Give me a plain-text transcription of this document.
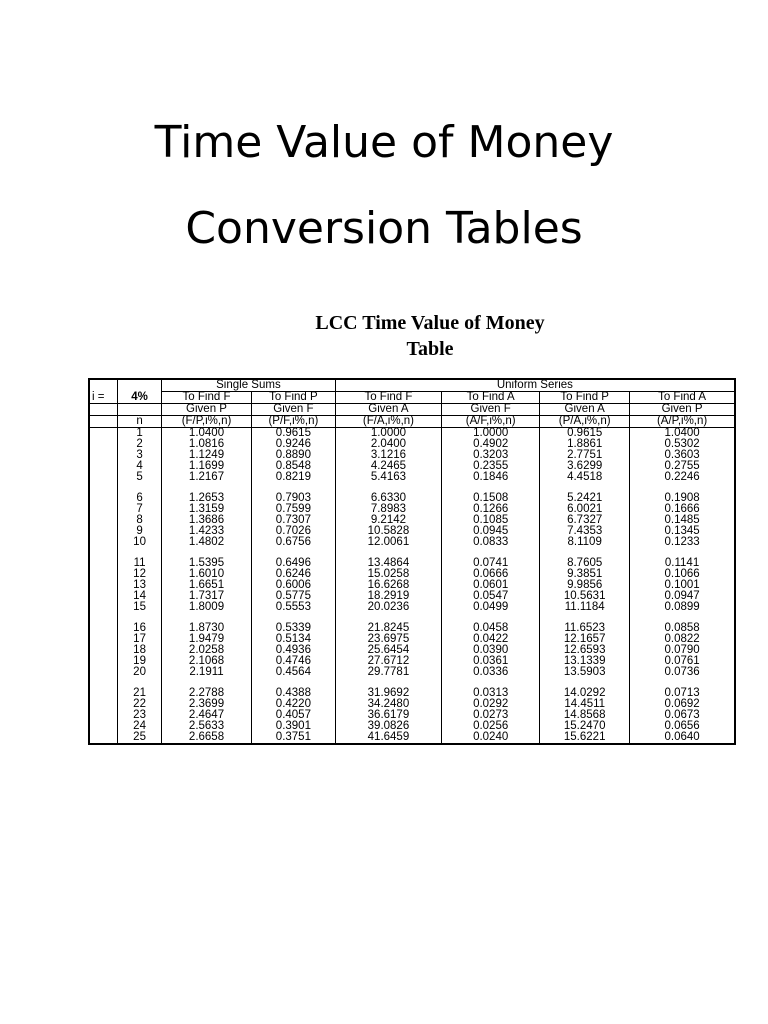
Time Value of Money
Conversion Tables
LCC Time Value of Money
Table
		Single Sums		Uniform Series			
i =	4%	To Find F	To Find P	To Find F	To Find A	To Find P	To Find A
		Given P	Given F	Given A	Given F	Given A	Given P
	n	(F/P,i%,n)	(P/F,i%,n)	(F/A,i%,n)	(A/F,i%,n)	(P/A,i%,n)	(A/P,i%,n)
	1	1.0400	0.9615	1.0000	1.0000	0.9615	1.0400
	2	1.0816	0.9246	2.0400	0.4902	1.8861	0.5302
	3	1.1249	0.8890	3.1216	0.3203	2.7751	0.3603
	4	1.1699	0.8548	4.2465	0.2355	3.6299	0.2755
	5	1.2167	0.8219	5.4163	0.1846	4.4518	0.2246

	6	1.2653	0.7903	6.6330	0.1508	5.2421	0.1908
	7	1.3159	0.7599	7.8983	0.1266	6.0021	0.1666
	8	1.3686	0.7307	9.2142	0.1085	6.7327	0.1485
	9	1.4233	0.7026	10.5828	0.0945	7.4353	0.1345
	10	1.4802	0.6756	12.0061	0.0833	8.1109	0.1233

	11	1.5395	0.6496	13.4864	0.0741	8.7605	0.1141
	12	1.6010	0.6246	15.0258	0.0666	9.3851	0.1066
	13	1.6651	0.6006	16.6268	0.0601	9.9856	0.1001
	14	1.7317	0.5775	18.2919	0.0547	10.5631	0.0947
	15	1.8009	0.5553	20.0236	0.0499	11.1184	0.0899

	16	1.8730	0.5339	21.8245	0.0458	11.6523	0.0858
	17	1.9479	0.5134	23.6975	0.0422	12.1657	0.0822
	18	2.0258	0.4936	25.6454	0.0390	12.6593	0.0790
	19	2.1068	0.4746	27.6712	0.0361	13.1339	0.0761
	20	2.1911	0.4564	29.7781	0.0336	13.5903	0.0736

	21	2.2788	0.4388	31.9692	0.0313	14.0292	0.0713
	22	2.3699	0.4220	34.2480	0.0292	14.4511	0.0692
	23	2.4647	0.4057	36.6179	0.0273	14.8568	0.0673
	24	2.5633	0.3901	39.0826	0.0256	15.2470	0.0656
	25	2.6658	0.3751	41.6459	0.0240	15.6221	0.0640
